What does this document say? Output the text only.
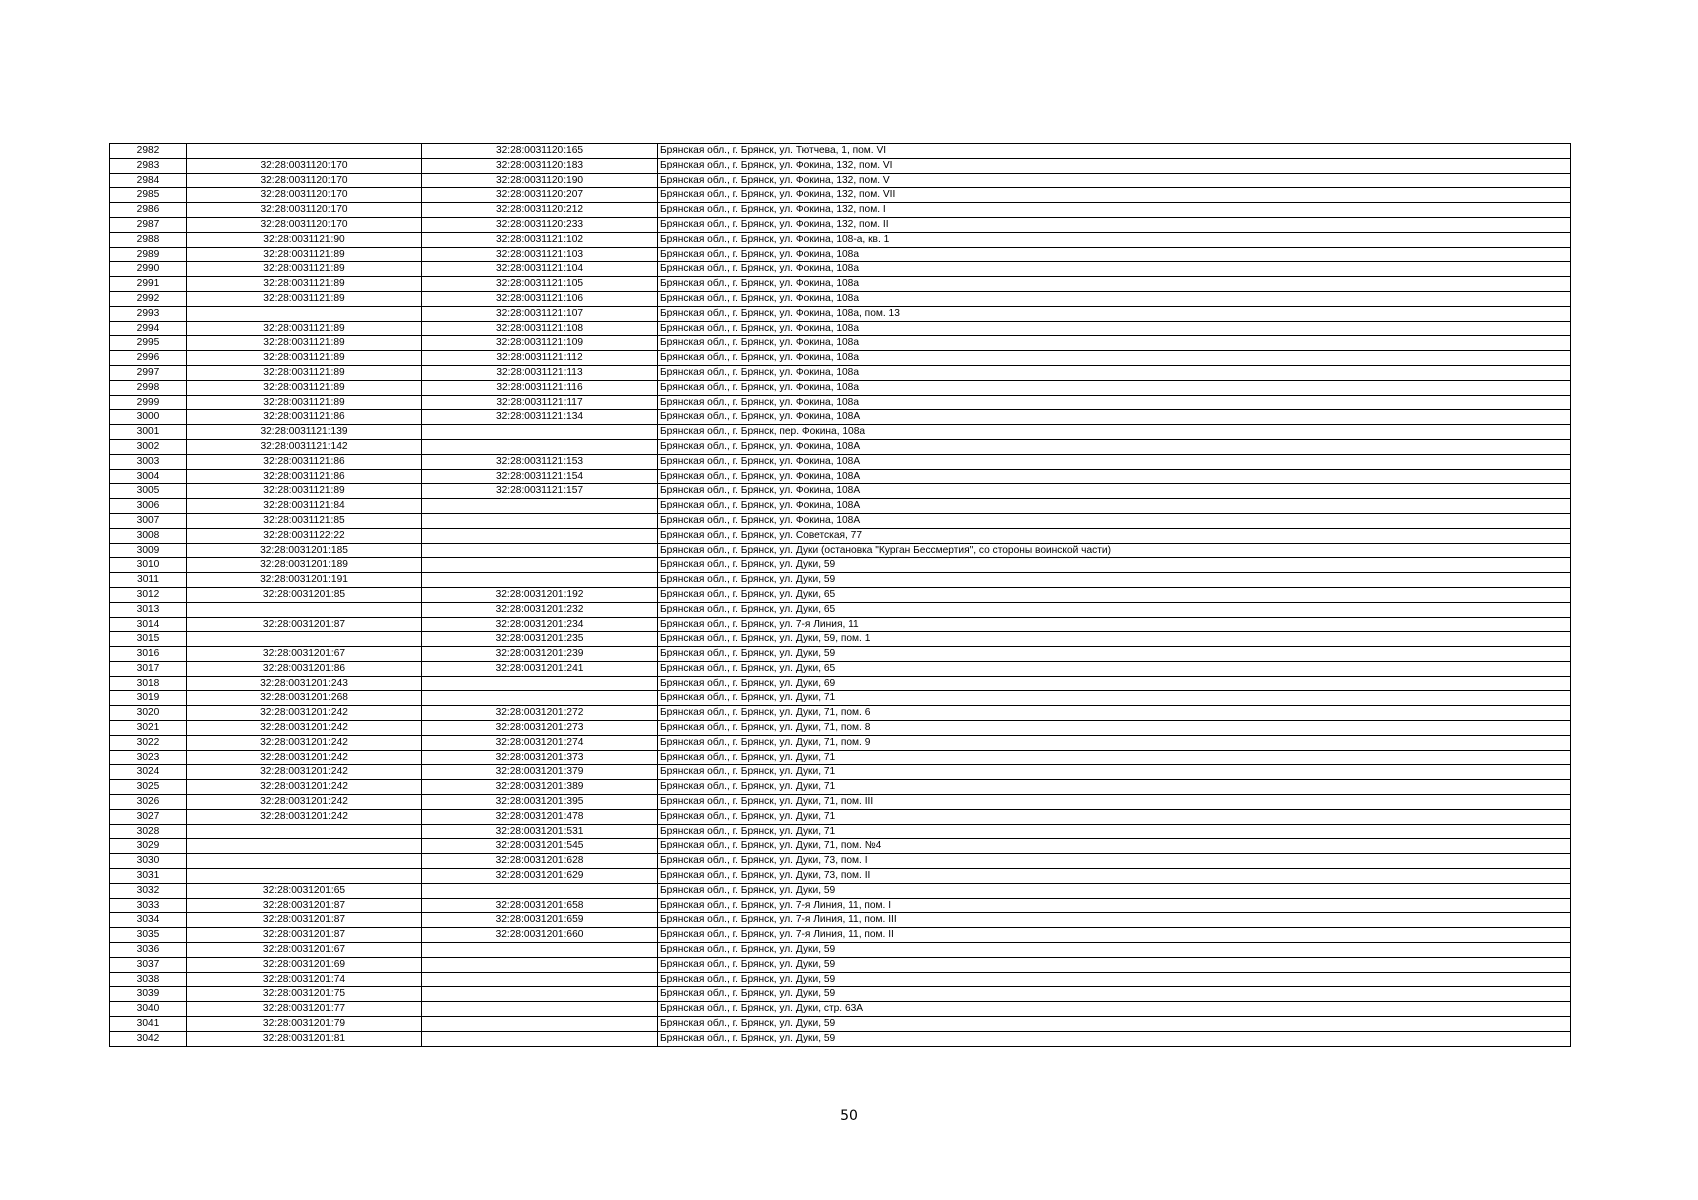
2982		32:28:0031120:165	Брянская обл., г. Брянск, ул. Тютчева, 1, пом. VI
2983	32:28:0031120:170	32:28:0031120:183	Брянская обл., г. Брянск, ул. Фокина, 132, пом. VI
2984	32:28:0031120:170	32:28:0031120:190	Брянская обл., г. Брянск, ул. Фокина, 132, пом. V
2985	32:28:0031120:170	32:28:0031120:207	Брянская обл., г. Брянск, ул. Фокина, 132, пом. VII
2986	32:28:0031120:170	32:28:0031120:212	Брянская обл., г. Брянск, ул. Фокина, 132, пом. I
2987	32:28:0031120:170	32:28:0031120:233	Брянская обл., г. Брянск, ул. Фокина, 132, пом. II
2988	32:28:0031121:90	32:28:0031121:102	Брянская обл., г. Брянск, ул. Фокина, 108-а, кв. 1
2989	32:28:0031121:89	32:28:0031121:103	Брянская обл., г. Брянск, ул. Фокина, 108а
2990	32:28:0031121:89	32:28:0031121:104	Брянская обл., г. Брянск, ул. Фокина, 108а
2991	32:28:0031121:89	32:28:0031121:105	Брянская обл., г. Брянск, ул. Фокина, 108а
2992	32:28:0031121:89	32:28:0031121:106	Брянская обл., г. Брянск, ул. Фокина, 108а
2993		32:28:0031121:107	Брянская обл., г. Брянск, ул. Фокина, 108а, пом. 13
2994	32:28:0031121:89	32:28:0031121:108	Брянская обл., г. Брянск, ул. Фокина, 108а
2995	32:28:0031121:89	32:28:0031121:109	Брянская обл., г. Брянск, ул. Фокина, 108а
2996	32:28:0031121:89	32:28:0031121:112	Брянская обл., г. Брянск, ул. Фокина, 108а
2997	32:28:0031121:89	32:28:0031121:113	Брянская обл., г. Брянск, ул. Фокина, 108а
2998	32:28:0031121:89	32:28:0031121:116	Брянская обл., г. Брянск, ул. Фокина, 108а
2999	32:28:0031121:89	32:28:0031121:117	Брянская обл., г. Брянск, ул. Фокина, 108а
3000	32:28:0031121:86	32:28:0031121:134	Брянская обл., г. Брянск, ул. Фокина, 108А
3001	32:28:0031121:139		Брянская обл., г. Брянск, пер. Фокина, 108а
3002	32:28:0031121:142		Брянская обл., г. Брянск, ул. Фокина, 108А
3003	32:28:0031121:86	32:28:0031121:153	Брянская обл., г. Брянск, ул. Фокина, 108А
3004	32:28:0031121:86	32:28:0031121:154	Брянская обл., г. Брянск, ул. Фокина, 108А
3005	32:28:0031121:89	32:28:0031121:157	Брянская обл., г. Брянск, ул. Фокина, 108А
3006	32:28:0031121:84		Брянская обл., г. Брянск, ул. Фокина, 108А
3007	32:28:0031121:85		Брянская обл., г. Брянск, ул. Фокина, 108А
3008	32:28:0031122:22		Брянская обл., г. Брянск, ул. Советская, 77
3009	32:28:0031201:185		Брянская обл., г. Брянск, ул. Дуки (остановка "Курган Бессмертия", со стороны воинской части)
3010	32:28:0031201:189		Брянская обл., г. Брянск, ул. Дуки, 59
3011	32:28:0031201:191		Брянская обл., г. Брянск, ул. Дуки, 59
3012	32:28:0031201:85	32:28:0031201:192	Брянская обл., г. Брянск, ул. Дуки, 65
3013		32:28:0031201:232	Брянская обл., г. Брянск, ул. Дуки, 65
3014	32:28:0031201:87	32:28:0031201:234	Брянская обл., г. Брянск, ул. 7-я Линия, 11
3015		32:28:0031201:235	Брянская обл., г. Брянск, ул. Дуки, 59, пом. 1
3016	32:28:0031201:67	32:28:0031201:239	Брянская обл., г. Брянск, ул. Дуки, 59
3017	32:28:0031201:86	32:28:0031201:241	Брянская обл., г. Брянск, ул. Дуки, 65
3018	32:28:0031201:243		Брянская обл., г. Брянск, ул. Дуки, 69
3019	32:28:0031201:268		Брянская обл., г. Брянск, ул. Дуки, 71
3020	32:28:0031201:242	32:28:0031201:272	Брянская обл., г. Брянск, ул. Дуки, 71, пом. 6
3021	32:28:0031201:242	32:28:0031201:273	Брянская обл., г. Брянск, ул. Дуки, 71, пом. 8
3022	32:28:0031201:242	32:28:0031201:274	Брянская обл., г. Брянск, ул. Дуки, 71, пом. 9
3023	32:28:0031201:242	32:28:0031201:373	Брянская обл., г. Брянск, ул. Дуки, 71
3024	32:28:0031201:242	32:28:0031201:379	Брянская обл., г. Брянск, ул. Дуки, 71
3025	32:28:0031201:242	32:28:0031201:389	Брянская обл., г. Брянск, ул. Дуки, 71
3026	32:28:0031201:242	32:28:0031201:395	Брянская обл., г. Брянск, ул. Дуки, 71, пом. III
3027	32:28:0031201:242	32:28:0031201:478	Брянская обл., г. Брянск, ул. Дуки, 71
3028		32:28:0031201:531	Брянская обл., г. Брянск, ул. Дуки, 71
3029		32:28:0031201:545	Брянская обл., г. Брянск, ул. Дуки, 71, пом. №4
3030		32:28:0031201:628	Брянская обл., г. Брянск, ул. Дуки, 73, пом. I
3031		32:28:0031201:629	Брянская обл., г. Брянск, ул. Дуки, 73, пом. II
3032	32:28:0031201:65		Брянская обл., г. Брянск, ул. Дуки, 59
3033	32:28:0031201:87	32:28:0031201:658	Брянская обл., г. Брянск, ул. 7-я Линия, 11, пом. I
3034	32:28:0031201:87	32:28:0031201:659	Брянская обл., г. Брянск, ул. 7-я Линия, 11, пом. III
3035	32:28:0031201:87	32:28:0031201:660	Брянская обл., г. Брянск, ул. 7-я Линия, 11, пом. II
3036	32:28:0031201:67		Брянская обл., г. Брянск, ул. Дуки, 59
3037	32:28:0031201:69		Брянская обл., г. Брянск, ул. Дуки, 59
3038	32:28:0031201:74		Брянская обл., г. Брянск, ул. Дуки, 59
3039	32:28:0031201:75		Брянская обл., г. Брянск, ул. Дуки, 59
3040	32:28:0031201:77		Брянская обл., г. Брянск, ул. Дуки, стр. 63А
3041	32:28:0031201:79		Брянская обл., г. Брянск, ул. Дуки, 59
3042	32:28:0031201:81		Брянская обл., г. Брянск, ул. Дуки, 59
50
